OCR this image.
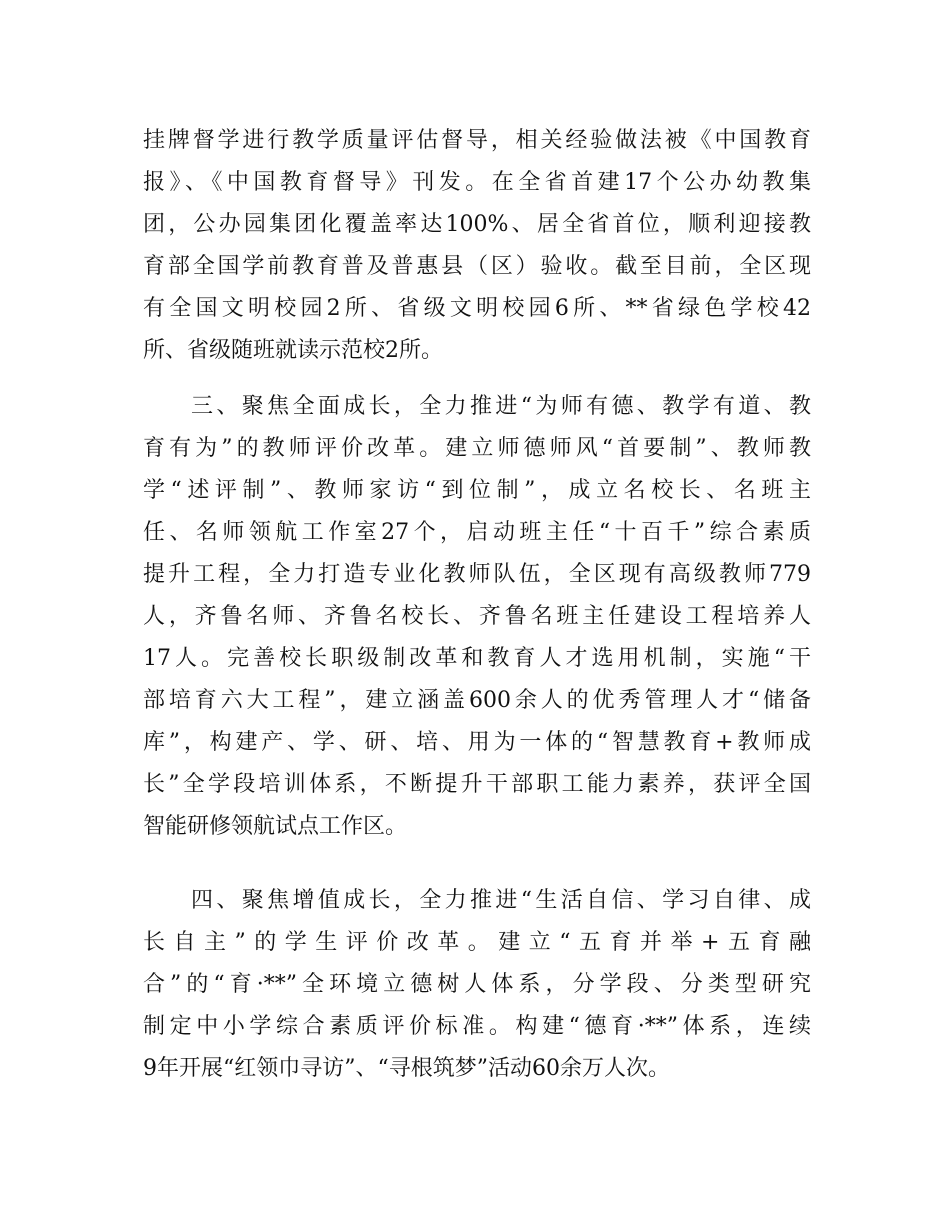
挂牌督学进行教学质量评估督导，相关经验做法被《中国教育
报》、《中国教育督导》刊发。在全省首建17个公办幼教集
团，公办园集团化覆盖率达100%、居全省首位，顺利迎接教
育部全国学前教育普及普惠县（区）验收。截至目前，全区现
有全国文明校园2所、省级文明校园6所、**省绿色学校42
所、省级随班就读示范校2所。
三、聚焦全面成长，全力推进“为师有德、教学有道、教
育有为”的教师评价改革。建立师德师风“首要制”、教师教
学“述评制”、教师家访“到位制”，成立名校长、名班主
任、名师领航工作室27个，启动班主任“十百千”综合素质
提升工程，全力打造专业化教师队伍，全区现有高级教师779
人，齐鲁名师、齐鲁名校长、齐鲁名班主任建设工程培养人
17人。完善校长职级制改革和教育人才选用机制，实施“干
部培育六大工程”，建立涵盖600余人的优秀管理人才“储备
库”，构建产、学、研、培、用为一体的“智慧教育+教师成
长”全学段培训体系，不断提升干部职工能力素养，获评全国
智能研修领航试点工作区。
四、聚焦增值成长，全力推进“生活自信、学习自律、成
长自主”的学生评价改革。建立“五育并举+五育融
合”的“育·**”全环境立德树人体系，分学段、分类型研究
制定中小学综合素质评价标准。构建“德育·**”体系，连续
9年开展“红领巾寻访”、“寻根筑梦”活动60余万人次。
